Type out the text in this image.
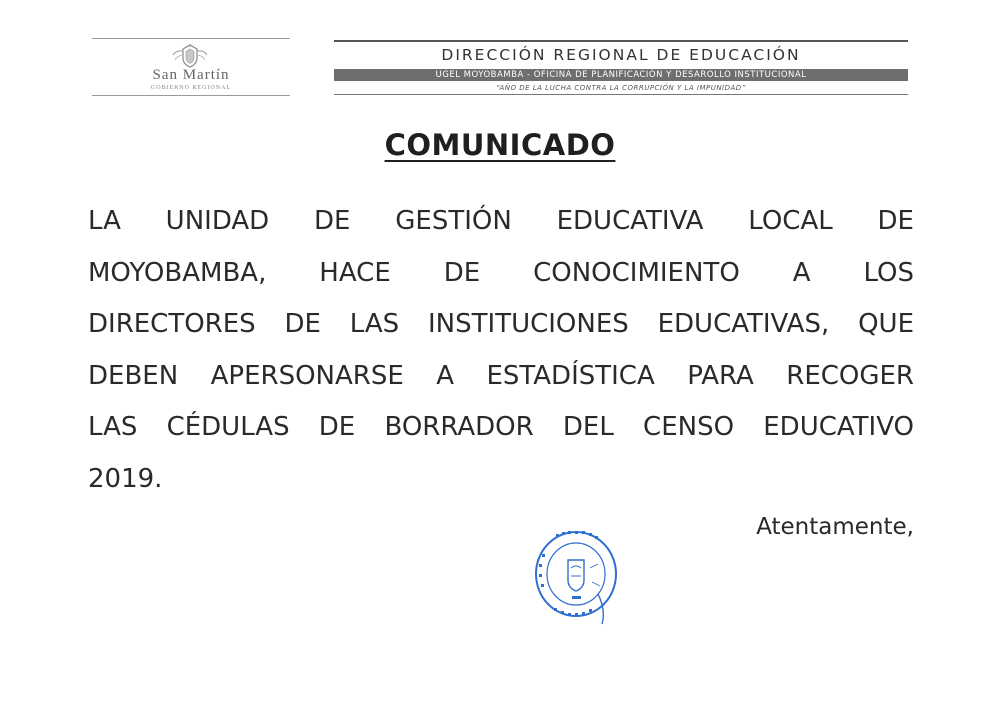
San Martín
GOBIERNO REGIONAL
DIRECCIÓN REGIONAL DE EDUCACIÓN
UGEL MOYOBAMBA - OFICINA DE PLANIFICACIÓN Y DESAROLLO INSTITUCIONAL
“AÑO DE LA LUCHA CONTRA LA CORRUPCIÓN Y LA IMPUNIDAD”
COMUNICADO
LA UNIDAD DE GESTIÓN EDUCATIVA LOCAL DE
MOYOBAMBA, HACE DE CONOCIMIENTO A LOS
DIRECTORES DE LAS INSTITUCIONES EDUCATIVAS, QUE
DEBEN APERSONARSE A ESTADÍSTICA PARA RECOGER
LAS CÉDULAS DE BORRADOR DEL CENSO EDUCATIVO
2019.
Atentamente,
